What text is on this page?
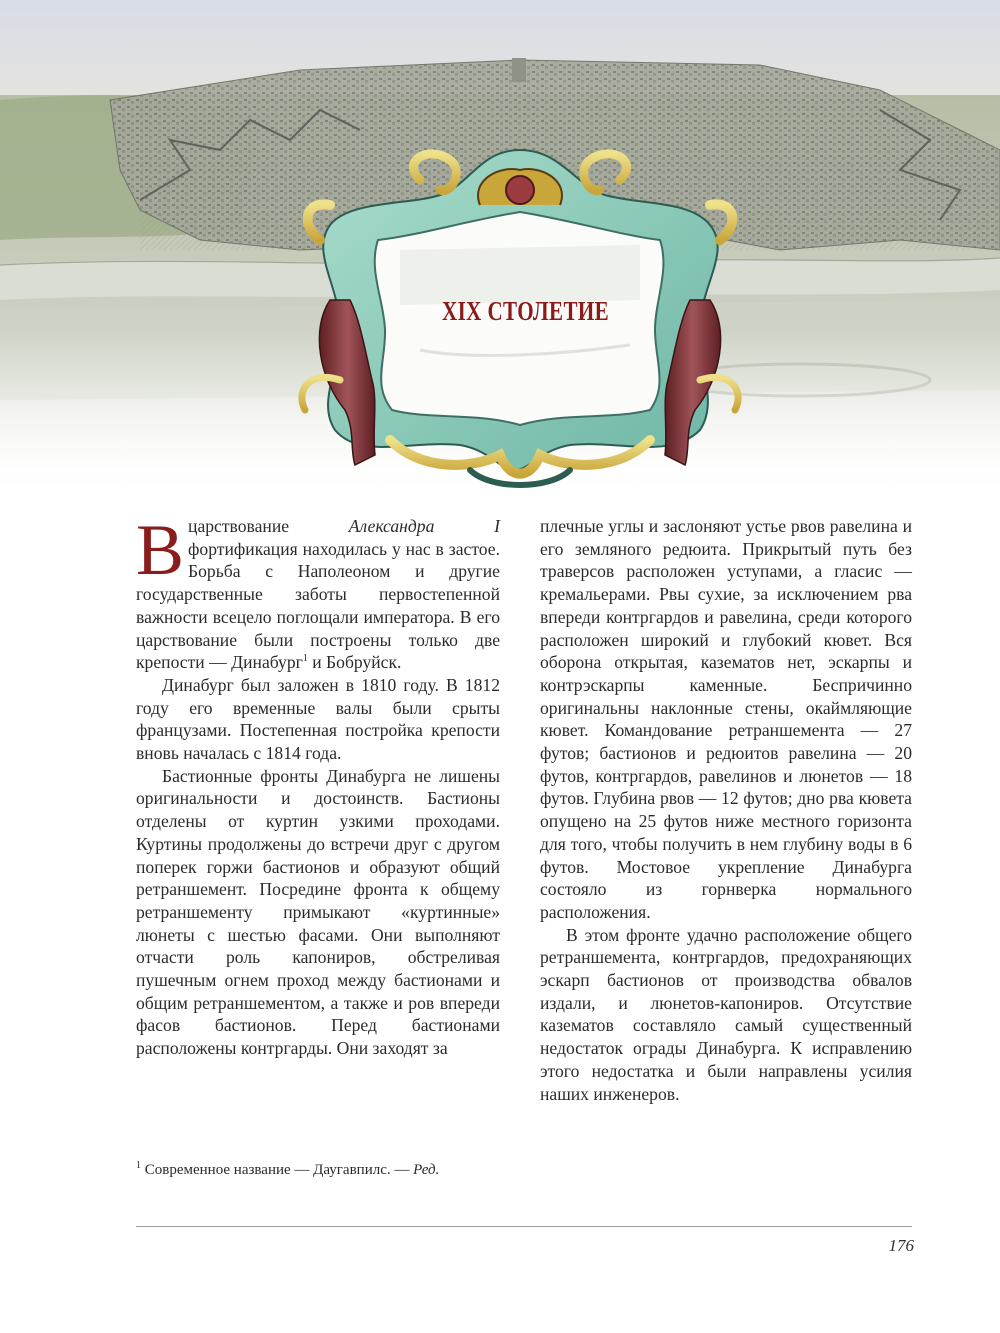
XIX СТОЛЕТИЕ

Вцарствование Александра I фортификация находилась у нас в застое. Борьба с Наполеоном и другие государственные заботы первостепенной важности всецело поглощали императора. В его царствование были построены только две крепости — Динабург$^1$ и Бобруйск.

Динабург был заложен в 1810 году. В 1812 году его временные валы были срыты французами. Постепенная постройка крепости вновь началась с 1814 года.

Бастионные фронты Динабурга не лишены оригинальности и достоинств. Бастионы отделены от куртин узкими проходами. Куртины продолжены до встречи друг с другом поперек горжи бастионов и образуют общий ретраншемент. Посредине фронта к общему ретраншементу примыкают «куртинные» люнеты с шестью фасами. Они выполняют отчасти роль капониров, обстреливая пушечным огнем проход между бастионами и общим ретраншементом, а также и ров впереди фасов бастионов. Перед бастионами расположены контргарды. Они заходят за

плечные углы и заслоняют устье рвов равелина и его земляного редюита. Прикрытый путь без траверсов расположен уступами, а гласис — кремальерами. Рвы сухие, за исключением рва впереди контргардов и равелина, среди которого расположен широкий и глубокий кювет. Вся оборона открытая, казематов нет, эскарпы и контрэскарпы каменные. Беспричинно оригинальны наклонные стены, окаймляющие кювет. Командование ретраншемента — 27 футов; бастионов и редюитов равелина — 20 футов, контргардов, равелинов и люнетов — 18 футов. Глубина рвов — 12 футов; дно рва кювета опущено на 25 футов ниже местного горизонта для того, чтобы получить в нем глубину воды в 6 футов. Мостовое укрепление Динабурга состояло из горнверка нормального расположения.

В этом фронте удачно расположение общего ретраншемента, контргардов, предохраняющих эскарп бастионов от производства обвалов издали, и люнетов-капониров. Отсутствие казематов составляло самый существенный недостаток ограды Динабурга. К исправлению этого недостатка и были направлены усилия наших инженеров.

$^1$ Современное название — Даугавпилс. — Ред.
176
